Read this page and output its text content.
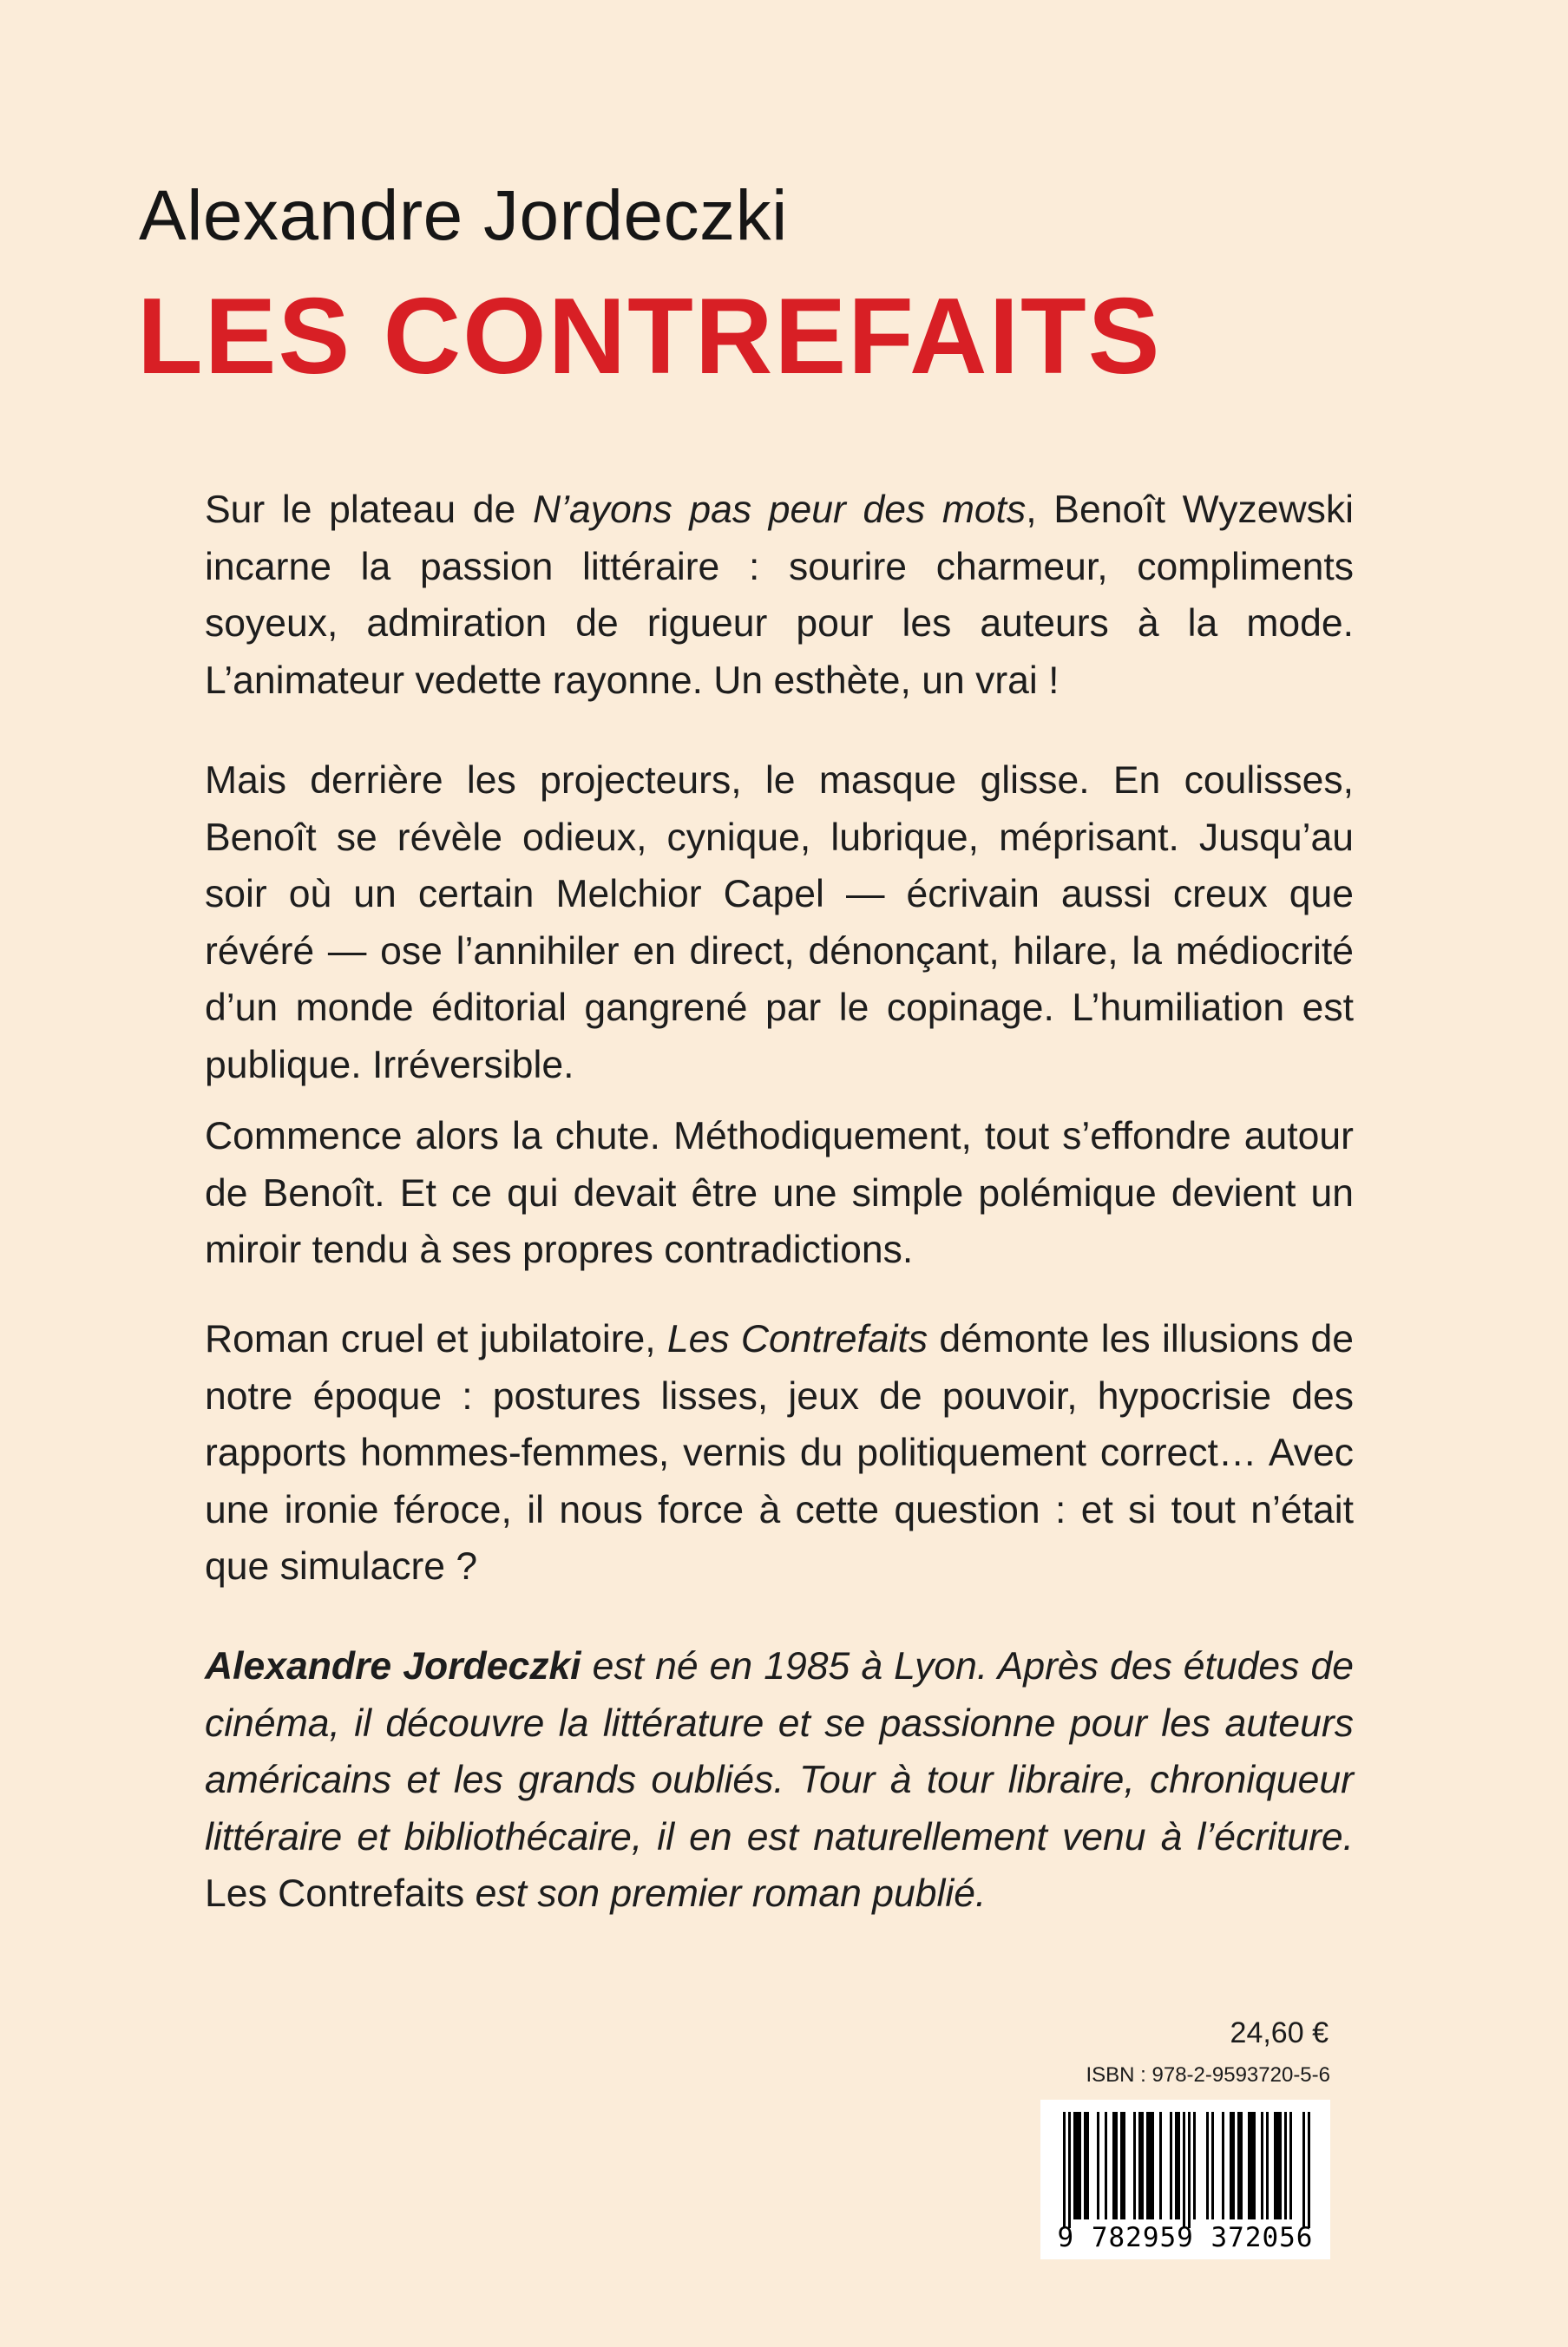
Alexandre Jordeczki
LES CONTREFAITS

Sur le plateau de N’ayons pas peur des mots, Benoît Wyzewski incarne la passion littéraire : sourire charmeur, compliments soyeux, admiration de rigueur pour les auteurs à la mode. L’animateur vedette rayonne. Un esthète, un vrai !

Mais derrière les projecteurs, le masque glisse. En coulisses, Benoît se révèle odieux, cynique, lubrique, méprisant. Jusqu’au soir où un certain Melchior Capel — écrivain aussi creux que révéré — ose l’annihiler en direct, dénonçant, hilare, la médiocrité d’un monde éditorial gangrené par le copinage. L’humiliation est publique. Irréversible.

Commence alors la chute. Méthodiquement, tout s’effondre autour de Benoît. Et ce qui devait être une simple polémique devient un miroir tendu à ses propres contradictions.

Roman cruel et jubilatoire, Les Contrefaits démonte les illusions de notre époque : postures lisses, jeux de pouvoir, hypocrisie des rapports hommes-femmes, vernis du politiquement correct… Avec une ironie féroce, il nous force à cette question : et si tout n’était que simulacre ?

Alexandre Jordeczki est né en 1985 à Lyon. Après des études de cinéma, il découvre la littérature et se passionne pour les auteurs américains et les grands oubliés. Tour à tour libraire, chroniqueur littéraire et bibliothécaire, il en est naturellement venu à l’écriture. Les Contrefaits est son premier roman publié.

24,60 €
ISBN : 978-2-9593720-5-6
9 782959 372056
